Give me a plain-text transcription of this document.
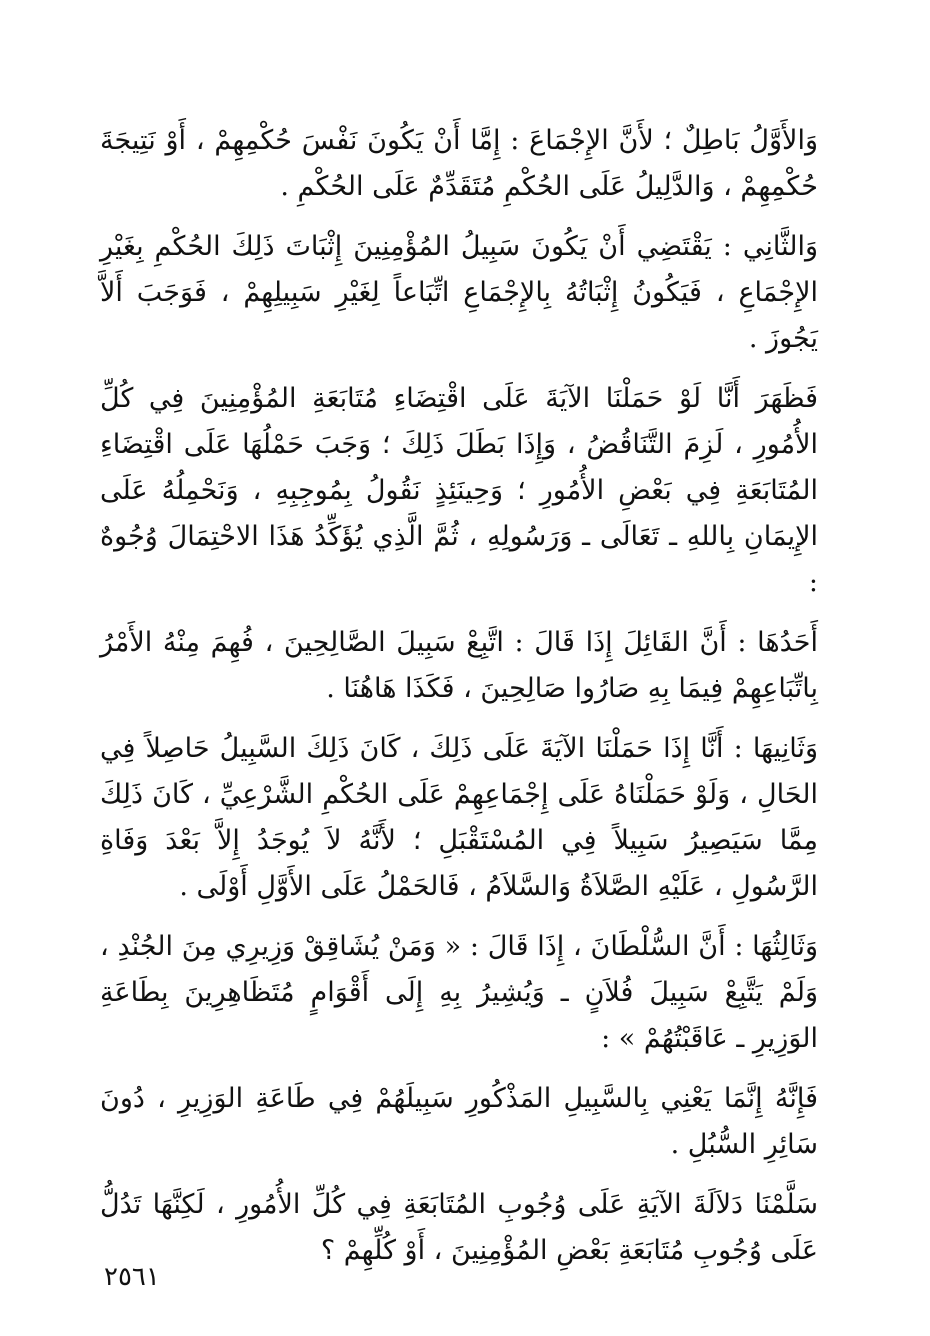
وَالأَوَّلُ بَاطِلٌ ؛ لأَنَّ الإِجْمَاعَ : إِمَّا أَنْ يَكُونَ نَفْسَ حُكْمِهِمْ ، أَوْ نَتِيجَةَ حُكْمِهِمْ ، وَالدَّلِيلُ عَلَى الحُكْمِ مُتَقَدِّمٌ عَلَى الحُكْمِ .

وَالثَّانِي : يَقْتَضِي أَنْ يَكُونَ سَبِيلُ المُؤْمِنِينَ إِثْبَاتَ ذَلِكَ الحُكْمِ بِغَيْرِ الإِجْمَاعِ ، فَيَكُونُ إِثْبَاتُهُ بِالإِجْمَاعِ اتِّبَاعاً لِغَيْرِ سَبِيلِهِمْ ، فَوَجَبَ أَلاَّ يَجُوزَ .

فَظَهَرَ أَنَّا لَوْ حَمَلْنَا الآيَةَ عَلَى اقْتِضَاءِ مُتَابَعَةِ المُؤْمِنِينَ فِي كُلِّ الأُمُورِ ، لَزِمَ التَّنَاقُضُ ، وَإِذَا بَطَلَ ذَلِكَ ؛ وَجَبَ حَمْلُهَا عَلَى اقْتِضَاءِ المُتَابَعَةِ فِي بَعْضِ الأُمُورِ ؛ وَحِينَئِذٍ نَقُولُ بِمُوجِبِهِ ، وَنَحْمِلُهُ عَلَى الإِيمَانِ بِاللهِ ـ تَعَالَى ـ وَرَسُولِهِ ، ثُمَّ الَّذِي يُؤَكِّدُ هَذَا الاحْتِمَالَ وُجُوهٌ :

أَحَدُهَا : أَنَّ القَائِلَ إِذَا قَالَ : اتَّبِعْ سَبِيلَ الصَّالِحِينَ ، فُهِمَ مِنْهُ الأَمْرُ بِاتِّبَاعِهِمْ فِيمَا بِهِ صَارُوا صَالِحِينَ ، فَكَذَا هَاهُنَا .

وَثَانِيهَا : أَنَّا إِذَا حَمَلْنَا الآيَةَ عَلَى ذَلِكَ ، كَانَ ذَلِكَ السَّبِيلُ حَاصِلاً فِي الحَالِ ، وَلَوْ حَمَلْنَاهُ عَلَى إِجْمَاعِهِمْ عَلَى الحُكْمِ الشَّرْعِيِّ ، كَانَ ذَلِكَ مِمَّا سَيَصِيرُ سَبِيلاً فِي المُسْتَقْبَلِ ؛ لأَنَّهُ لاَ يُوجَدُ إِلاَّ بَعْدَ وَفَاةِ الرَّسُولِ ، عَلَيْهِ الصَّلاَةُ وَالسَّلاَمُ ، فَالحَمْلُ عَلَى الأَوَّلِ أَوْلَى .

وَثَالِثُهَا : أَنَّ السُّلْطَانَ ، إِذَا قَالَ : « وَمَنْ يُشَاقِقْ وَزِيرِي مِنَ الجُنْدِ ، وَلَمْ يَتَّبِعْ سَبِيلَ فُلاَنٍ ـ وَيُشِيرُ بِهِ إِلَى أَقْوَامٍ مُتَظَاهِرِينَ بِطَاعَةِ الوَزِيرِ ـ عَاقَبْتُهُمْ » :

فَإِنَّهُ إِنَّمَا يَعْنِي بِالسَّبِيلِ المَذْكُورِ سَبِيلَهُمْ فِي طَاعَةِ الوَزِيرِ ، دُونَ سَائِرِ السُّبُلِ .

سَلَّمْنَا دَلاَلَةَ الآيَةِ عَلَى وُجُوبِ المُتَابَعَةِ فِي كُلِّ الأُمُورِ ، لَكِنَّهَا تَدُلُّ عَلَى وُجُوبِ مُتَابَعَةِ بَعْضِ المُؤْمِنِينَ ، أَوْ كُلِّهِمْ ؟

٢٥٦١
